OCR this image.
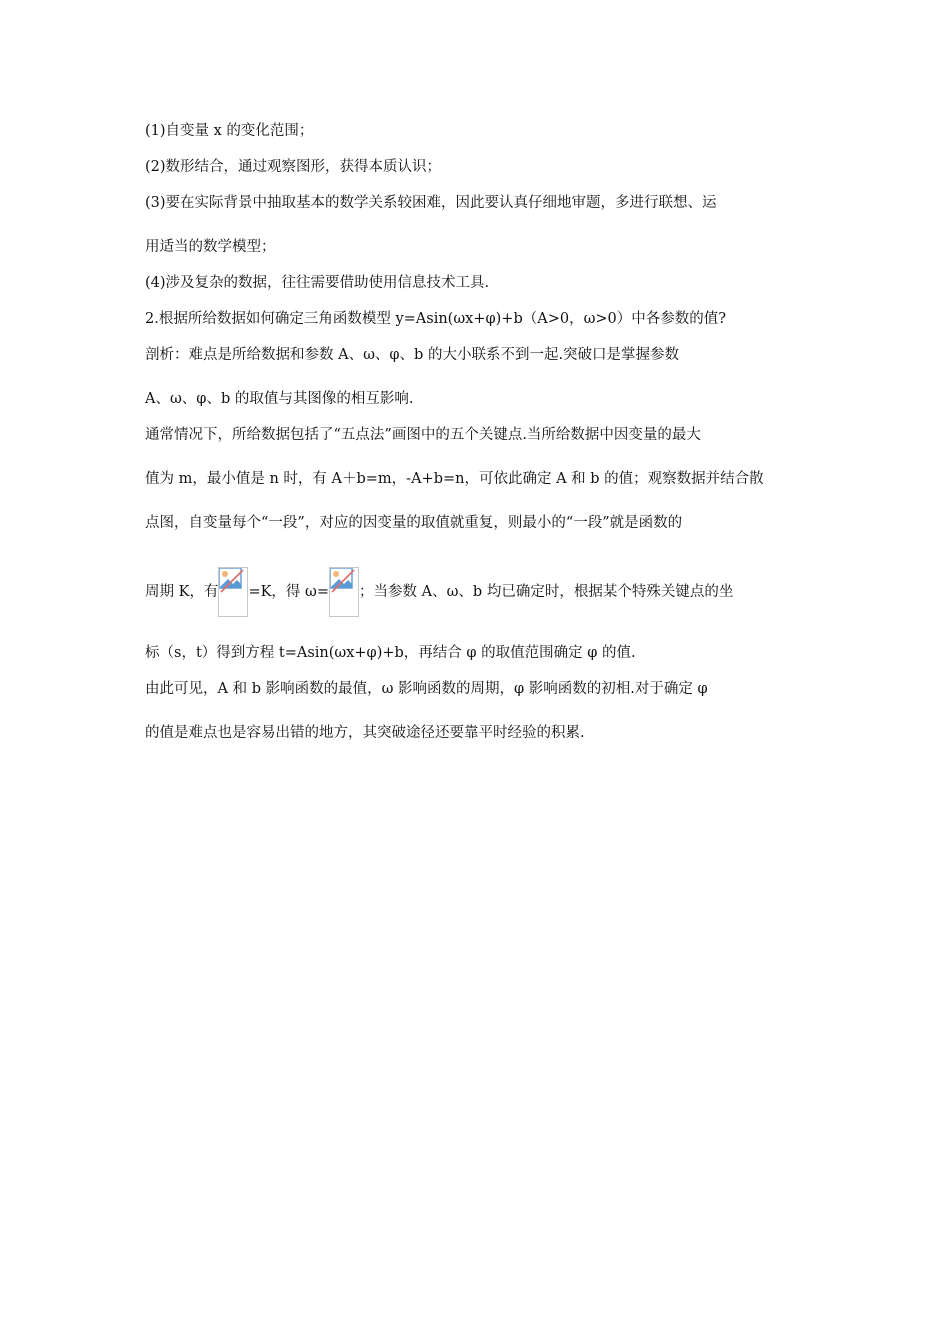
(1)自变量 x 的变化范围；
(2)数形结合，通过观察图形，获得本质认识；
(3)要在实际背景中抽取基本的数学关系较困难，因此要认真仔细地审题，多进行联想、运
用适当的数学模型；
(4)涉及复杂的数据，往往需要借助使用信息技术工具.
2.根据所给数据如何确定三角函数模型 y=Asin(ωx+φ)+b（A>0，ω>0）中各参数的值?
剖析：难点是所给数据和参数 A、ω、φ、b 的大小联系不到一起.突破口是掌握参数
A、ω、φ、b 的取值与其图像的相互影响.
通常情况下，所给数据包括了“五点法”画图中的五个关键点.当所给数据中因变量的最大
值为 m，最小值是 n 时，有 A＋b=m，-A+b=n，可依此确定 A 和 b 的值；观察数据并结合散
点图，自变量每个“一段”，对应的因变量的取值就重复，则最小的“一段”就是函数的
周期 K，有 =K，得 ω= ；当参数 A、ω、b 均已确定时，根据某个特殊关键点的坐
标（s，t）得到方程 t=Asin(ωx+φ)+b，再结合 φ 的取值范围确定 φ 的值.
由此可见，A 和 b 影响函数的最值，ω 影响函数的周期，φ 影响函数的初相.对于确定 φ
的值是难点也是容易出错的地方，其突破途径还要靠平时经验的积累.
